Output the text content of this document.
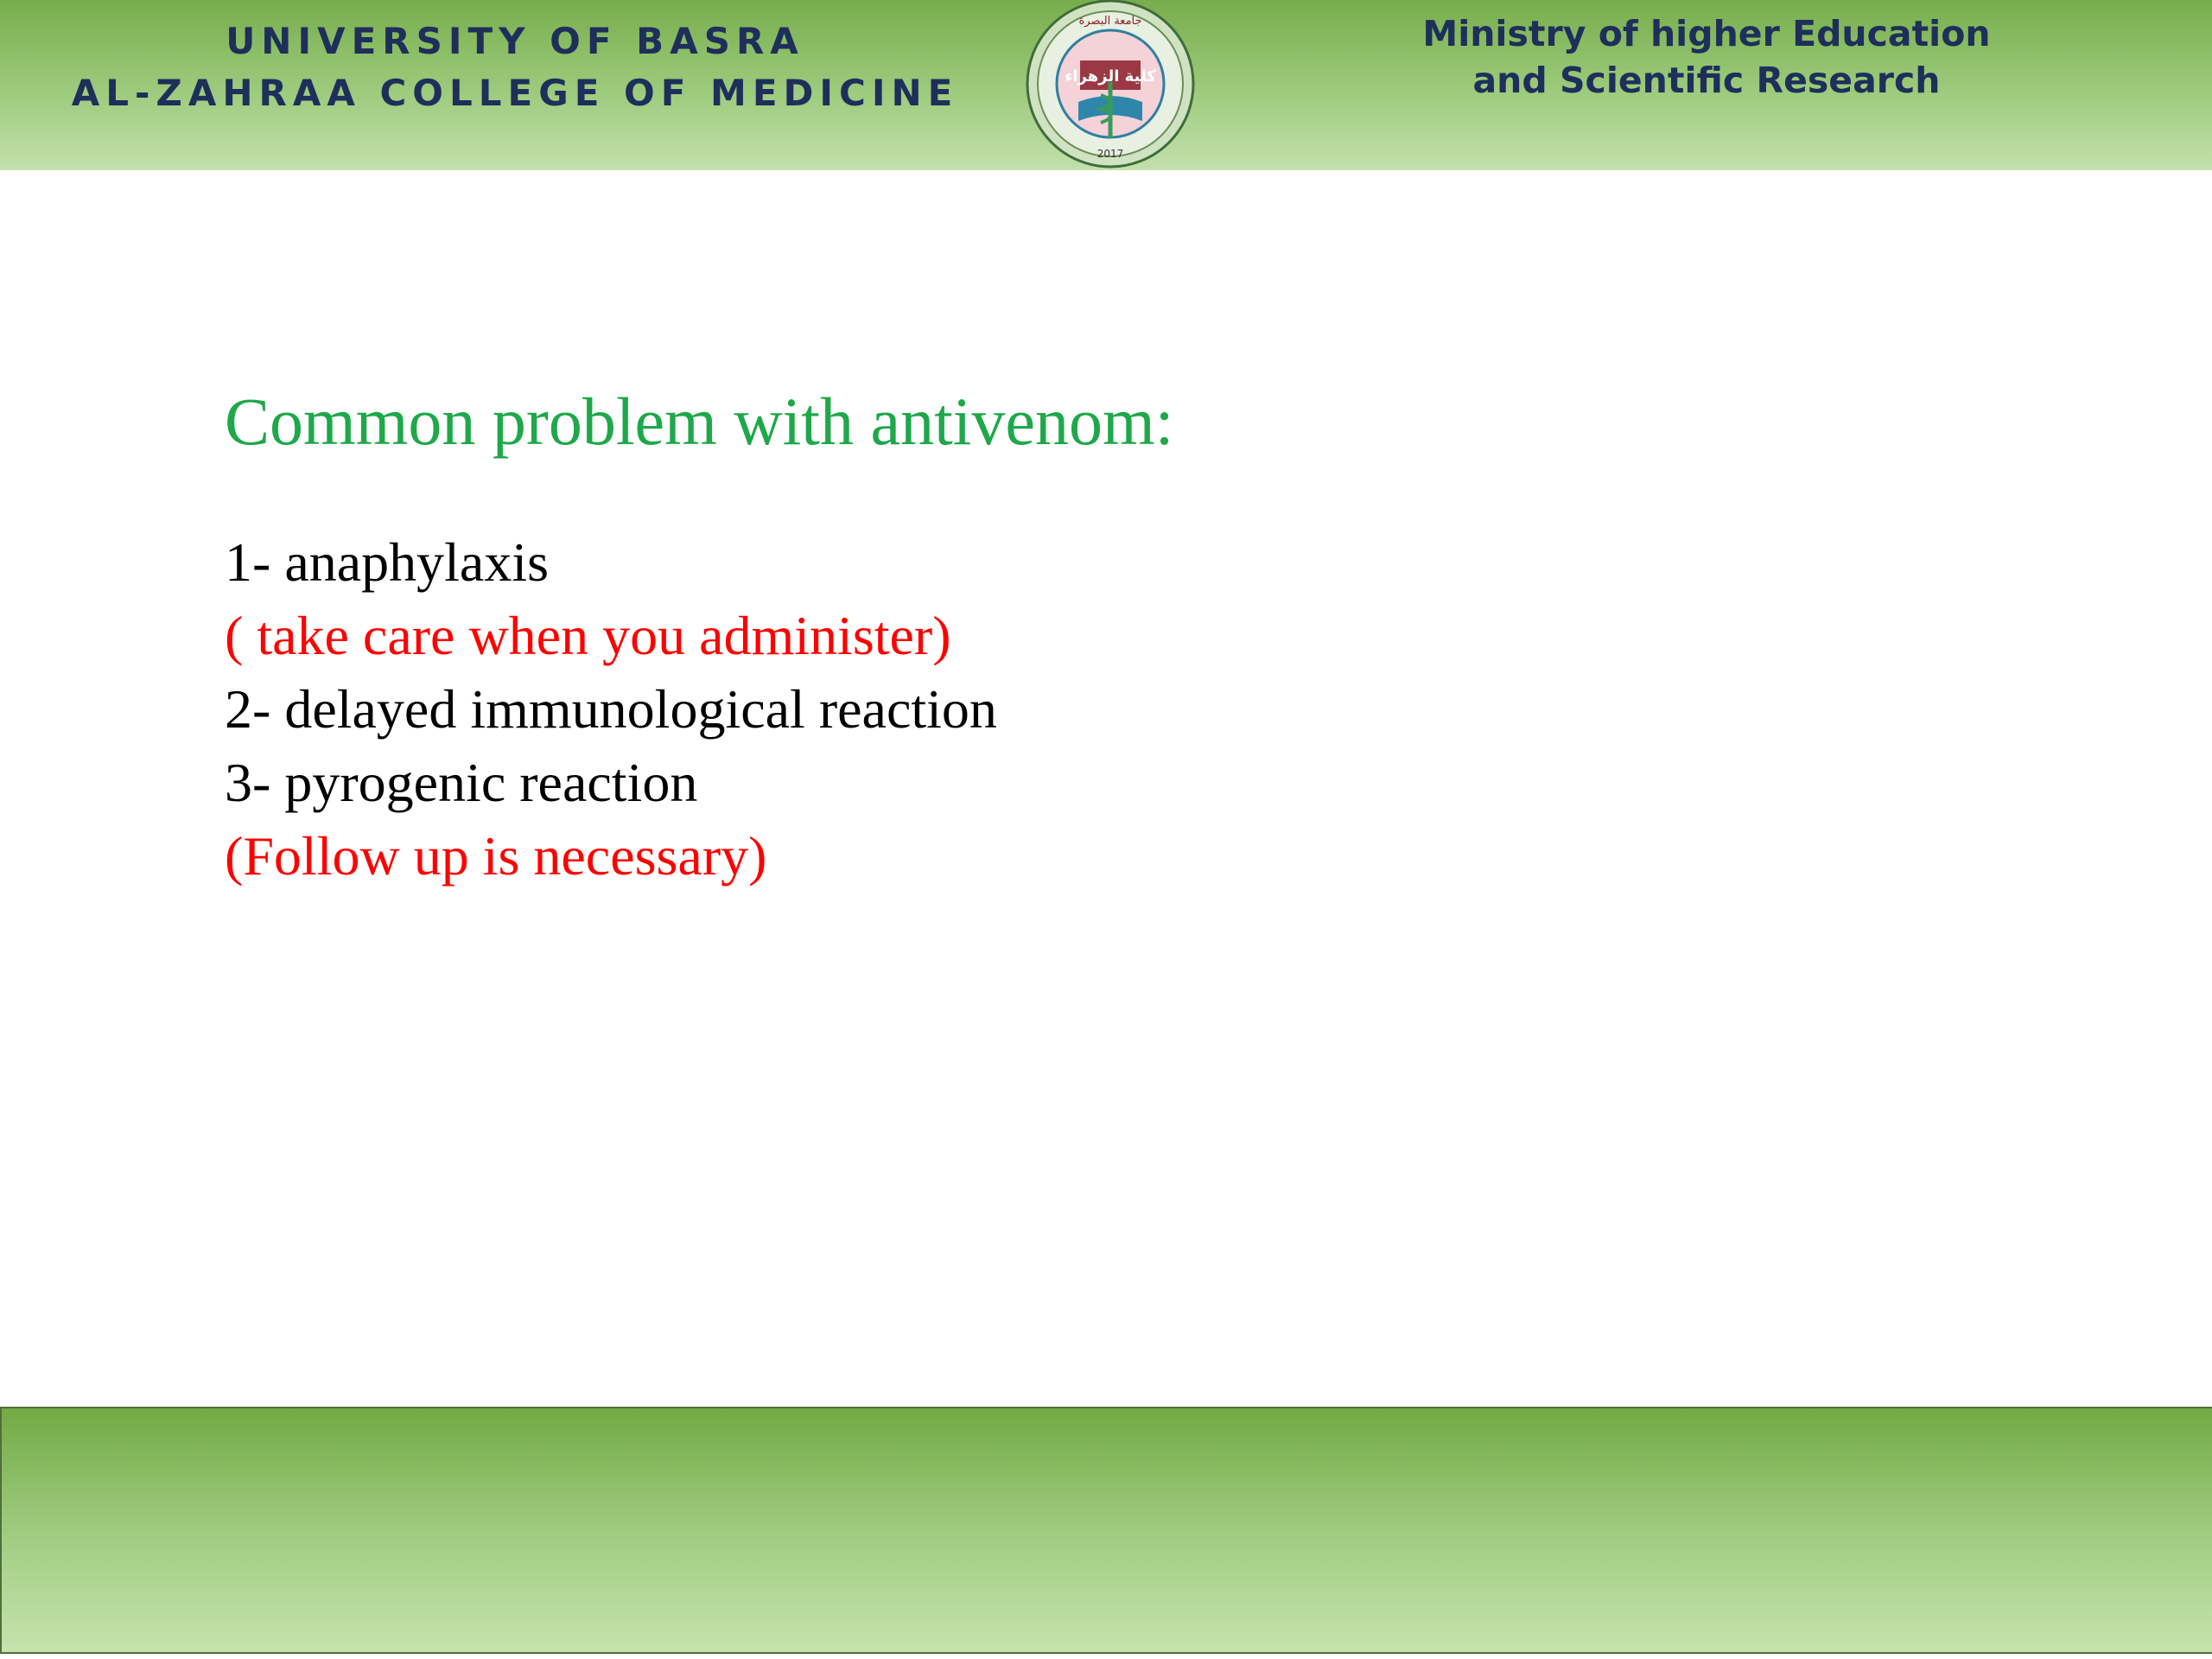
UNIVERSITY OF BASRA
AL-ZAHRAA COLLEGE OF MEDICINE	كلية الزهراء
جامعة البصرة
2017
Ministry of higher Education
and Scientific Research
Common problem with antivenom:
1- anaphylaxis
( take care when you administer)
2- delayed immunological reaction
3- pyrogenic reaction
(Follow up is necessary)
